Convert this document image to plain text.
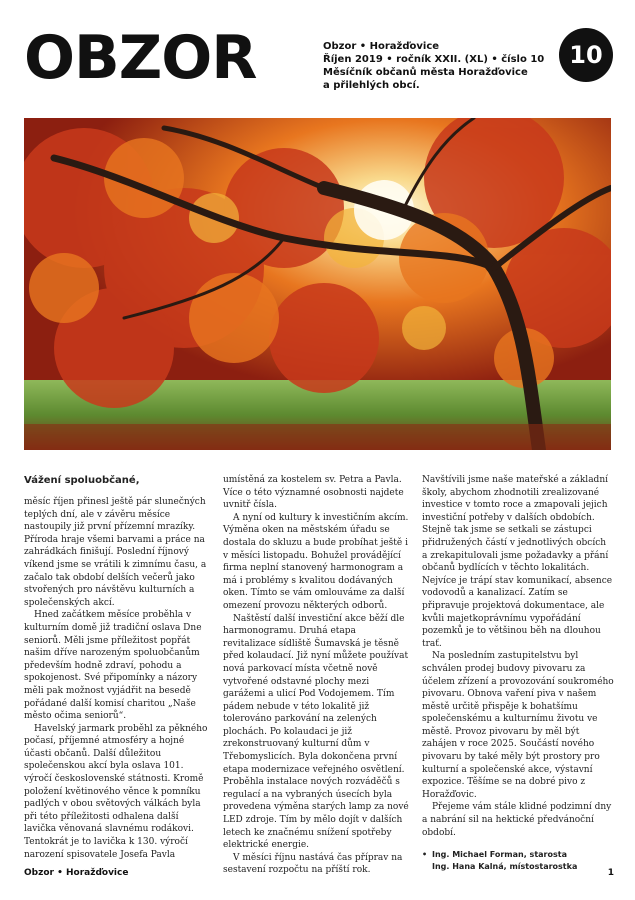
OBZOR	Obzor • Horažďovice
Říjen 2019 • ročník XXII. (XL) • číslo 10
Měsíčník občanů města Horažďovice
a přilehlých obcí.
10

Vážení spoluobčané,

měsíc říjen přinesl ještě pár slunečných teplých dní, ale v závěru měsíce nastoupily již první přízemní mrazíky. Příroda hraje všemi barvami a práce na zahrádkách finišují. Poslední říjnový víkend jsme se vrátili k zimnímu času, a začalo tak období delších večerů jako stvořených pro návštěvu kulturních a společenských akcí.

Hned začátkem měsíce proběhla v kulturním domě již tradiční oslava Dne seniorů. Měli jsme příležitost popřát našim dříve narozeným spoluobčanům především hodně zdraví, pohodu a spokojenost. Své připomínky a názory měli pak možnost vyjádřit na besedě pořádané další komisí charitou „Naše město očima seniorů“.

Havelský jarmark proběhl za pěkného počasí, příjemné atmosféry a hojné účasti občanů. Další důležitou společenskou akcí byla oslava 101. výročí československé státnosti. Kromě položení květinového věnce k pomníku padlých v obou světových válkách byla při této příležitosti odhalena další lavička věnovaná slavnému rodákovi. Tentokrát je to lavička k 130. výročí narození spisovatele Josefa Pavla

umístěná za kostelem sv. Petra a Pavla. Více o této významné osobnosti najdete uvnitř čísla.

A nyní od kultury k investičním akcím. Výměna oken na městském úřadu se dostala do skluzu a bude probíhat ještě i v měsíci listopadu. Bohužel provádějící firma neplní stanovený harmonogram a má i problémy s kvalitou dodávaných oken. Tímto se vám omlouváme za další omezení provozu některých odborů.

Naštěstí další investiční akce běží dle harmonogramu. Druhá etapa revitalizace sídliště Šumavská je těsně před kolaudací. Již nyní můžete používat nová parkovací místa včetně nově vytvořené odstavné plochy mezi garážemi a ulicí Pod Vodojemem. Tím pádem nebude v této lokalitě již tolerováno parkování na zelených plochách. Po kolaudaci je již zrekonstruovaný kulturní dům v Třebomyslicích. Byla dokončena první etapa modernizace veřejného osvětlení. Proběhla instalace nových rozváděčů s regulací a na vybraných úsecích byla provedena výměna starých lamp za nové LED zdroje. Tím by mělo dojít v dalších letech ke značnému snížení spotřeby elektrické energie.

V měsíci říjnu nastává čas příprav na sestavení rozpočtu na příští rok.

Navštívili jsme naše mateřské a základní školy, abychom zhodnotili zrealizované investice v tomto roce a zmapovali jejich investiční potřeby v dalších obdobích. Stejně tak jsme se setkali se zástupci přidružených částí v jednotlivých obcích a zrekapitulovali jsme požadavky a přání občanů bydlících v těchto lokalitách. Nejvíce je trápí stav komunikací, absence vodovodů a kanalizací. Zatím se připravuje projektová dokumentace, ale kvůli majetkoprávnímu vypořádání pozemků je to většinou běh na dlouhou trať.

Na posledním zastupitelstvu byl schválen prodej budovy pivovaru za účelem zřízení a provozování soukromého pivovaru. Obnova vaření piva v našem městě určitě přispěje k bohatšímu společenskému a kulturnímu životu ve městě. Provoz pivovaru by měl být zahájen v roce 2025. Součástí nového pivovaru by také měly být prostory pro kulturní a společenské akce, výstavní expozice. Těšíme se na dobré pivo z Horažďovic.

Přejeme vám stále klidné podzimní dny a nabrání sil na hektické předvánoční období.

• Ing. Michael Forman, starosta
Ing. Hana Kalná, místostarostka
Obzor • Horažďovice	1
